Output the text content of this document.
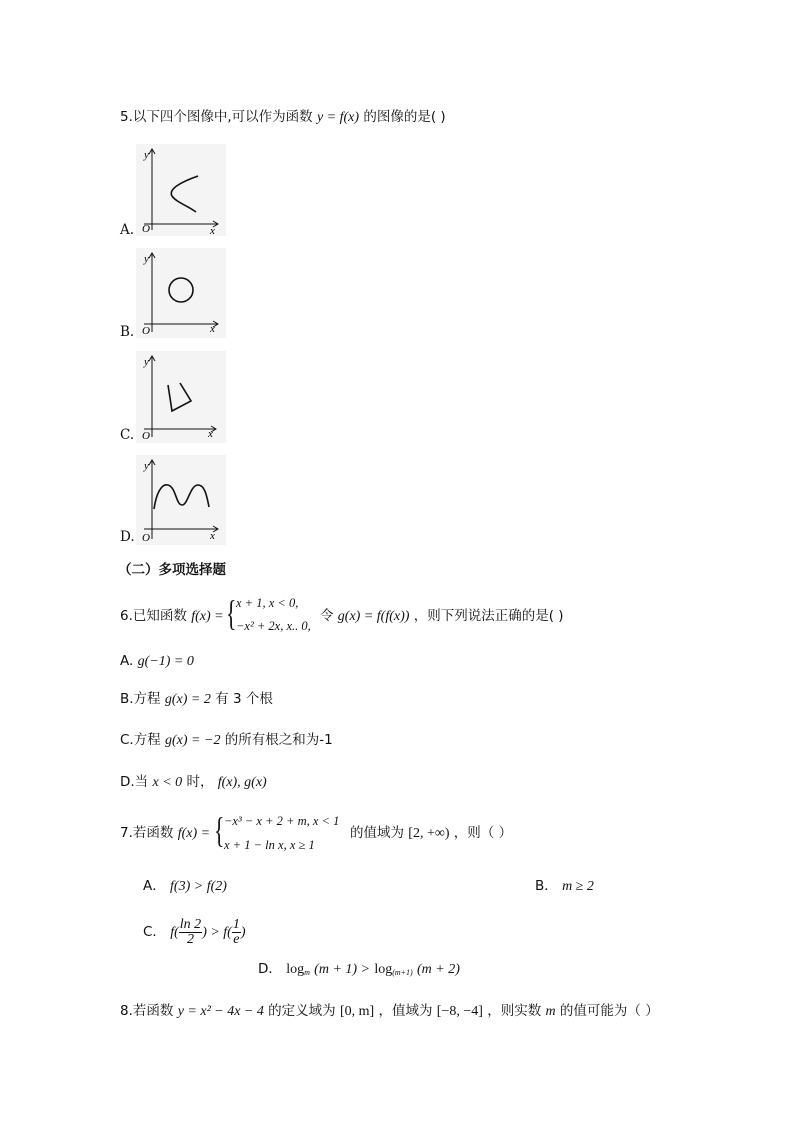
5.以下四个图像中,可以作为函数 y = f(x) 的图像的是( )
A.
y
O	x
B.
y
O	x
C.
y
O	x
D.
y
O	x
（二）多项选择题
6.已知函数 f(x) = { x + 1, x < 0,
−x² + 2x, x.. 0,
令 g(x) = f(f(x)) ，则下列说法正确的是( )
A. g(−1) = 0
B.方程 g(x) = 2 有 3 个根
C.方程 g(x) = −2 的所有根之和为-1
D.当 x < 0 时， f(x), g(x)
7.若函数 f(x) = { −x³ − x + 2 + m, x < 1
x + 1 − ln x, x ≥ 1
的值域为 [2, +∞) ，则（ ）
A． f(3) > f(2)	B． m ≥ 2
C． $f( \frac{\ln 2}{2}$ ) > $f( \frac{1}{e}$ )
D． $\log_m (m + 1) > \log_{(m+1)} (m + 2)$
8.若函数 y = x² − 4x − 4 的定义域为 [0, m] ，值域为 [−8, −4] ，则实数 m 的值可能为（ ）
